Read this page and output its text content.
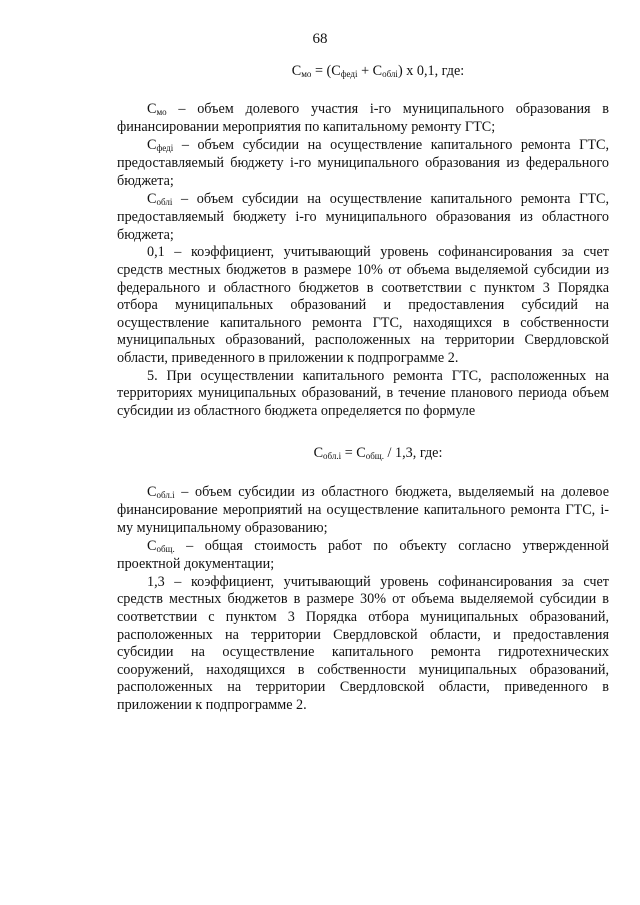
68

$С_{мо} = (С_{федi} + С_{облi})$ х 0,1, где:

$С_{мо}$ – объем долевого участия i-го муниципального образования в финансировании мероприятия по капитальному ремонту ГТС;

$С_{федi}$ – объем субсидии на осуществление капитального ремонта ГТС, предоставляемый бюджету i-го муниципального образования из федерального бюджета;

$С_{облi}$ – объем субсидии на осуществление капитального ремонта ГТС, предоставляемый бюджету i-го муниципального образования из областного бюджета;

0,1 – коэффициент, учитывающий уровень софинансирования за счет средств местных бюджетов в размере 10% от объема выделяемой субсидии из федерального и областного бюджетов в соответствии с пунктом 3 Порядка отбора муниципальных образований и предоставления субсидий на осуществление капитального ремонта ГТС, находящихся в собственности муниципальных образований, расположенных на территории Свердловской области, приведенного в приложении к подпрограмме 2.

5. При осуществлении капитального ремонта ГТС, расположенных на территориях муниципальных образований, в течение планового периода объем субсидии из областного бюджета определяется по формуле

$С_{обл.i} = С_{общ.} / 1,3$, где:

$С_{обл.i}$ – объем субсидии из областного бюджета, выделяемый на долевое финансирование мероприятий на осуществление капитального ремонта ГТС, i-му муниципальному образованию;

$С_{общ.}$ – общая стоимость работ по объекту согласно утвержденной проектной документации;

1,3 – коэффициент, учитывающий уровень софинансирования за счет средств местных бюджетов в размере 30% от объема выделяемой субсидии в соответствии с пунктом 3 Порядка отбора муниципальных образований, расположенных на территории Свердловской области, и предоставления субсидии на осуществление капитального ремонта гидротехнических сооружений, находящихся в собственности муниципальных образований, расположенных на территории Свердловской области, приведенного в приложении к подпрограмме 2.
